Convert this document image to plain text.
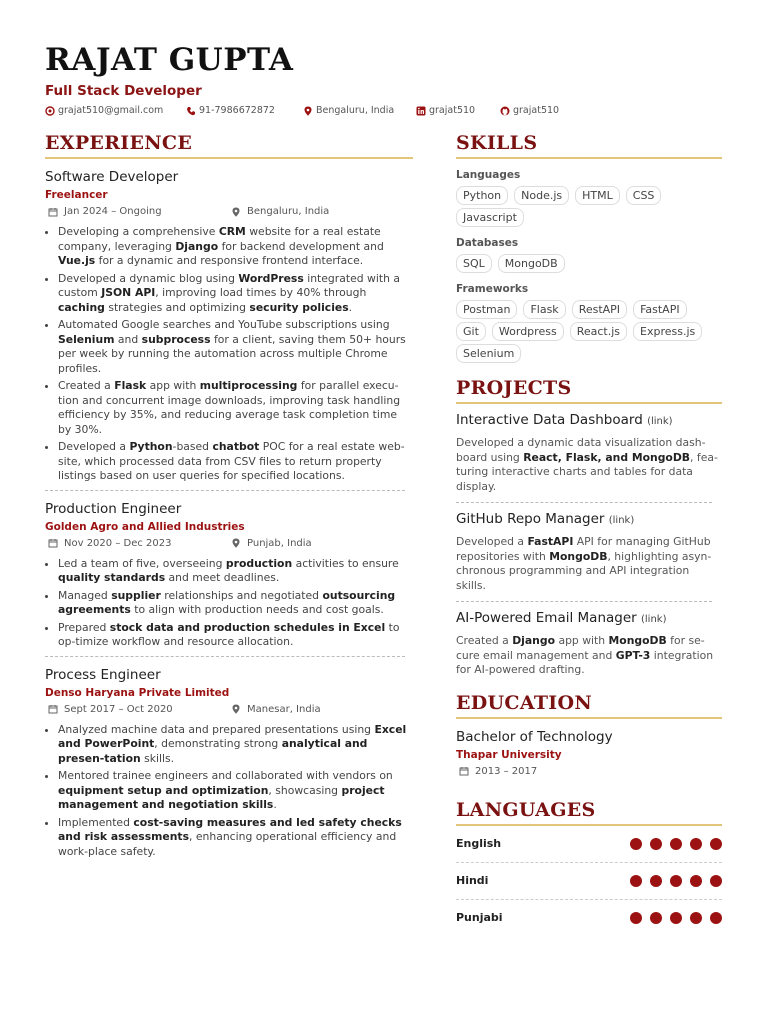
RAJAT GUPTA
Full Stack Developer
grajat510@gmail.com	91-7986672872	Bengaluru, India	grajat510	grajat510
EXPERIENCE
Software Developer
Freelancer
Jan 2024 – Ongoing	Bengaluru, India
• Developing a comprehensive CRM website for a real estate company, leveraging Django for backend development and Vue.js for a dynamic and responsive frontend interface.
• Developed a dynamic blog using WordPress integrated with a custom JSON API, improving load times by 40% through caching strategies and optimizing security policies.
• Automated Google searches and YouTube subscriptions using Selenium and subprocess for a client, saving them 50+ hours per week by running the automation across multiple Chrome profiles.
• Created a Flask app with multiprocessing for parallel execu-tion and concurrent image downloads, improving task handling efficiency by 35%, and reducing average task completion time by 30%.
• Developed a Python-based chatbot POC for a real estate web-site, which processed data from CSV files to return property listings based on user queries for specified locations.
Production Engineer
Golden Agro and Allied Industries
Nov 2020 – Dec 2023	Punjab, India
• Led a team of five, overseeing production activities to ensure quality standards and meet deadlines.
• Managed supplier relationships and negotiated outsourcing agreements to align with production needs and cost goals.
• Prepared stock data and production schedules in Excel to op-timize workflow and resource allocation.
Process Engineer
Denso Haryana Private Limited
Sept 2017 – Oct 2020	Manesar, India
• Analyzed machine data and prepared presentations using Excel and PowerPoint, demonstrating strong analytical and presen-tation skills.
• Mentored trainee engineers and collaborated with vendors on equipment setup and optimization, showcasing project management and negotiation skills.
• Implemented cost-saving measures and led safety checks and risk assessments, enhancing operational efficiency and work-place safety.
SKILLS
Languages
Python	Node.js	HTML	CSS
Javascript
Databases
SQL	MongoDB
Frameworks
Postman	Flask	RestAPI	FastAPI
Git	Wordpress	React.js	Express.js
Selenium
PROJECTS
Interactive Data Dashboard (link)
Developed a dynamic data visualization dash-board using React, Flask, and MongoDB, fea-turing interactive charts and tables for data display.
GitHub Repo Manager (link)
Developed a FastAPI API for managing GitHub repositories with MongoDB, highlighting asyn-chronous programming and API integration skills.
AI-Powered Email Manager (link)
Created a Django app with MongoDB for se-cure email management and GPT-3 integration for AI-powered drafting.
EDUCATION
Bachelor of Technology
Thapar University
2013 – 2017
LANGUAGES
English
Hindi
Punjabi
